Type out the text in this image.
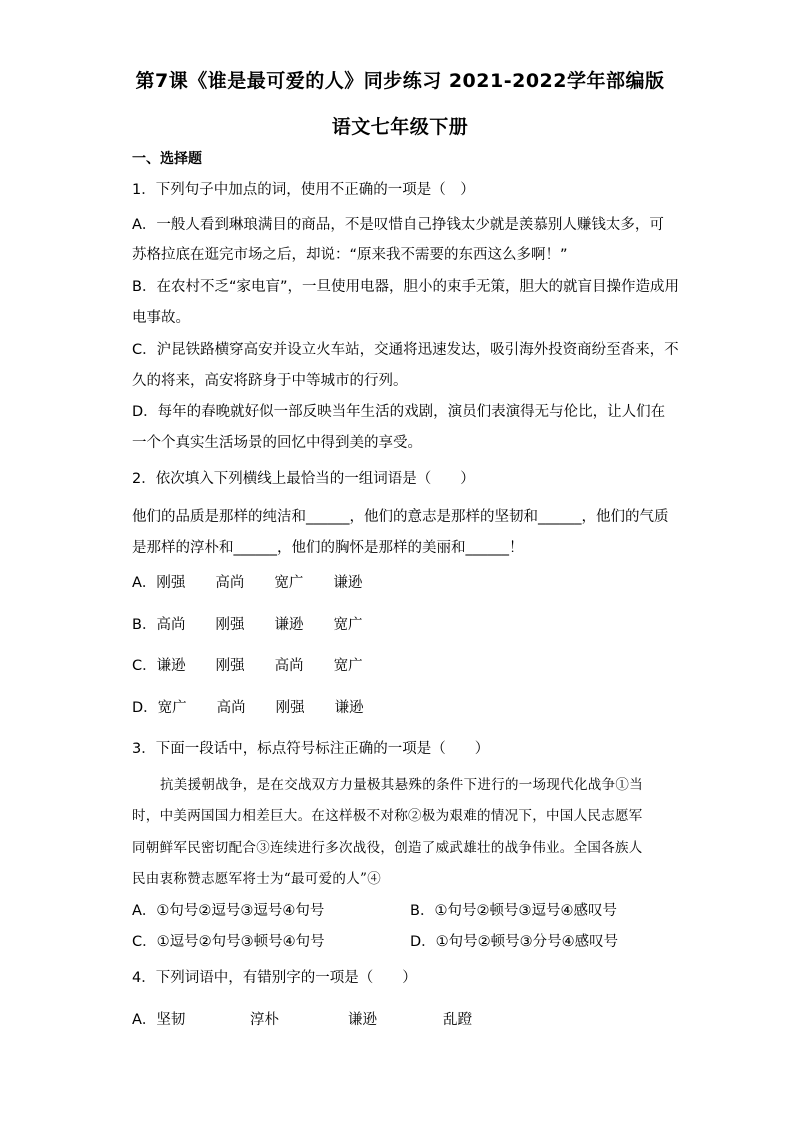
第7课《谁是最可爱的人》同步练习 2021-2022学年部编版
语文七年级下册
一、选择题
1．下列句子中加点的词，使用不正确的一项是（　）
A．一般人看到琳琅满目的商品，不是叹惜自己挣钱太少就是羡慕别人赚钱太多，可
苏格拉底在逛完市场之后，却说：“原来我不需要的东西这么多啊！”
B．在农村不乏“家电盲”，一旦使用电器，胆小的束手无策，胆大的就盲目操作造成用
电事故。
C．沪昆铁路横穿高安并设立火车站，交通将迅速发达，吸引海外投资商纷至沓来，不
久的将来，高安将跻身于中等城市的行列。
D．每年的春晚就好似一部反映当年生活的戏剧，演员们表演得无与伦比，让人们在
一个个真实生活场景的回忆中得到美的享受。
2．依次填入下列横线上最恰当的一组词语是（　　）
他们的品质是那样的纯洁和______，他们的意志是那样的坚韧和______，他们的气质
是那样的淳朴和______，他们的胸怀是那样的美丽和______！
A．刚强 高尚 宽广 谦逊
B．高尚 刚强 谦逊 宽广
C．谦逊 刚强 高尚 宽广
D．宽广 高尚 刚强 谦逊
3．下面一段话中，标点符号标注正确的一项是（　　）
抗美援朝战争，是在交战双方力量极其悬殊的条件下进行的一场现代化战争①当
时，中美两国国力相差巨大。在这样极不对称②极为艰难的情况下，中国人民志愿军
同朝鲜军民密切配合③连续进行多次战役，创造了威武雄壮的战争伟业。全国各族人
民由衷称赞志愿军将士为“最可爱的人”④
A．①句号②逗号③逗号④句号	B．①句号②顿号③逗号④感叹号
C．①逗号②句号③顿号④句号	D．①句号②顿号③分号④感叹号
4．下列词语中，有错别字的一项是（　　）
A．坚韧	淳朴	谦逊	乱蹬
